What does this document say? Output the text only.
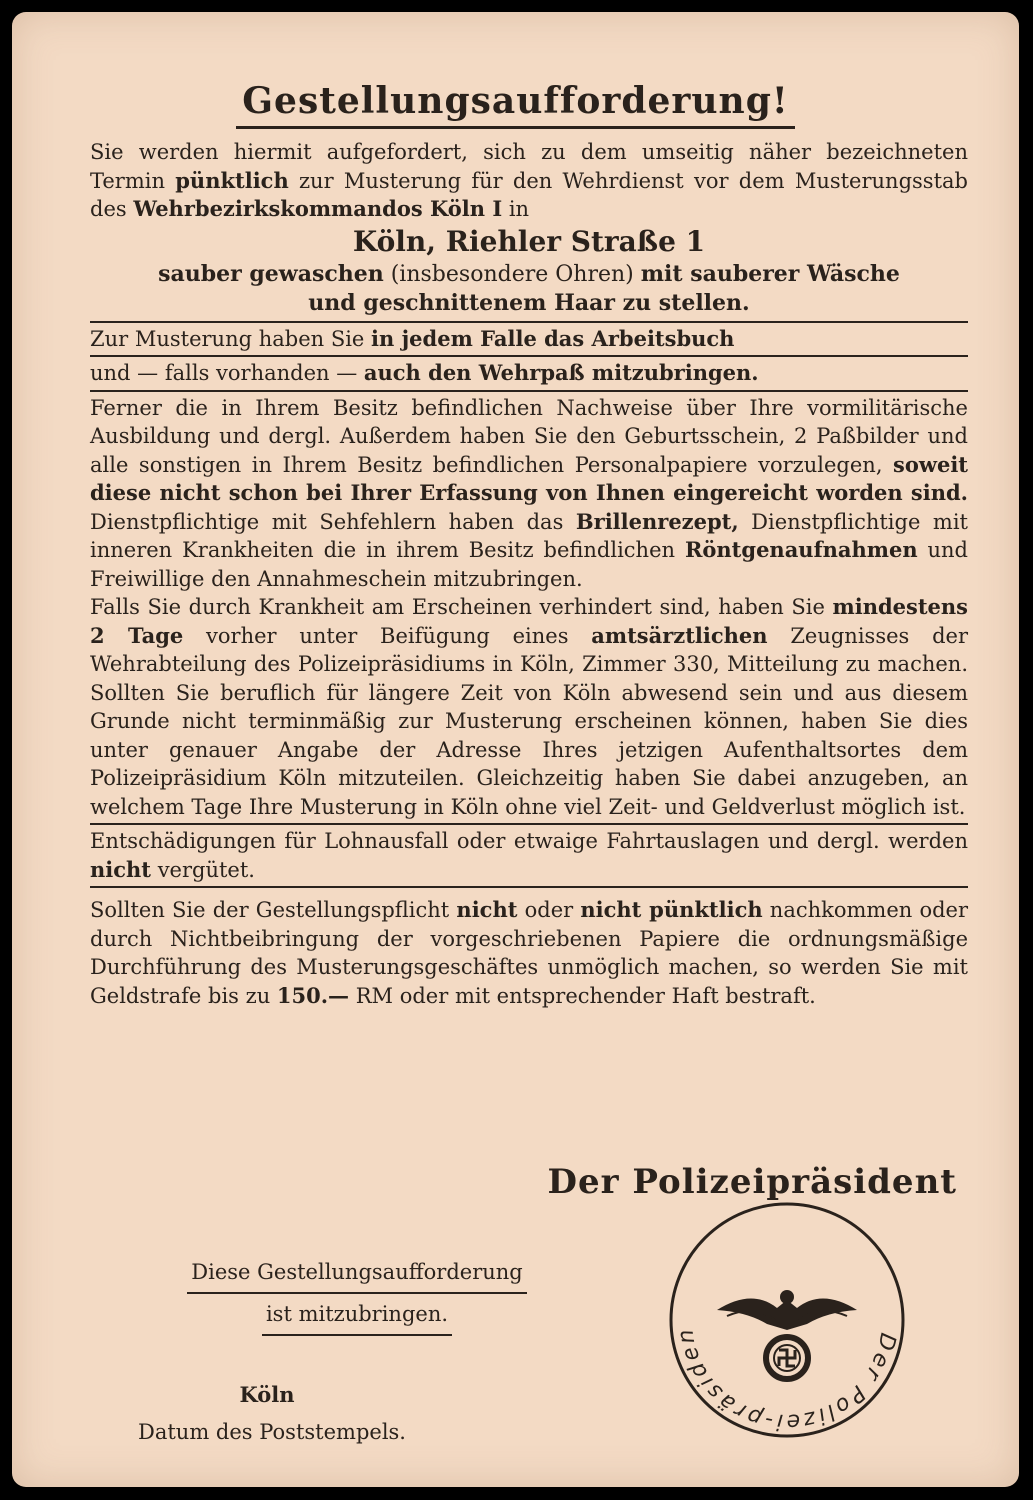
Gestellungsaufforderung!

Sie werden hiermit aufgefordert, sich zu dem umseitig näher bezeichneten Termin pünktlich zur Musterung für den Wehrdienst vor dem Musterungsstab des Wehrbezirkskommandos Köln I in

Köln, Riehler Straße 1

sauber gewaschen (insbesondere Ohren) mit sauberer Wäsche
und geschnittenem Haar zu stellen.

Zur Musterung haben Sie in jedem Falle das Arbeitsbuch

und — falls vorhanden — auch den Wehrpaß mitzubringen.

Ferner die in Ihrem Besitz befindlichen Nachweise über Ihre vormilitärische Ausbildung und dergl. Außerdem haben Sie den Geburtsschein, 2 Paßbilder und alle sonstigen in Ihrem Besitz befindlichen Personalpapiere vorzulegen, soweit diese nicht schon bei Ihrer Erfassung von Ihnen eingereicht worden sind. Dienstpflichtige mit Sehfehlern haben das Brillenrezept, Dienstpflichtige mit inneren Krankheiten die in ihrem Besitz befindlichen Röntgenaufnahmen und Freiwillige den Annahmeschein mitzubringen.

Falls Sie durch Krankheit am Erscheinen verhindert sind, haben Sie mindestens 2 Tage vorher unter Beifügung eines amtsärztlichen Zeugnisses der Wehrabteilung des Polizeipräsidiums in Köln, Zimmer 330, Mitteilung zu machen. Sollten Sie beruflich für längere Zeit von Köln abwesend sein und aus diesem Grunde nicht terminmäßig zur Musterung erscheinen können, haben Sie dies unter genauer Angabe der Adresse Ihres jetzigen Aufenthaltsortes dem Polizeipräsidium Köln mitzuteilen. Gleichzeitig haben Sie dabei anzugeben, an welchem Tage Ihre Musterung in Köln ohne viel Zeit- und Geldverlust möglich ist.

Entschädigungen für Lohnausfall oder etwaige Fahrtauslagen und dergl. werden nicht vergütet.

Sollten Sie der Gestellungspflicht nicht oder nicht pünktlich nachkommen oder durch Nichtbeibringung der vorgeschriebenen Papiere die ordnungsmäßige Durchführung des Musterungsgeschäftes unmöglich machen, so werden Sie mit Geldstrafe bis zu 150.— RM oder mit entsprechender Haft bestraft.

Der Polizeipräsident
Diese Gestellungsaufforderung
ist mitzubringen.
Köln
Datum des Poststempels.
Der Polizei-präsiden
